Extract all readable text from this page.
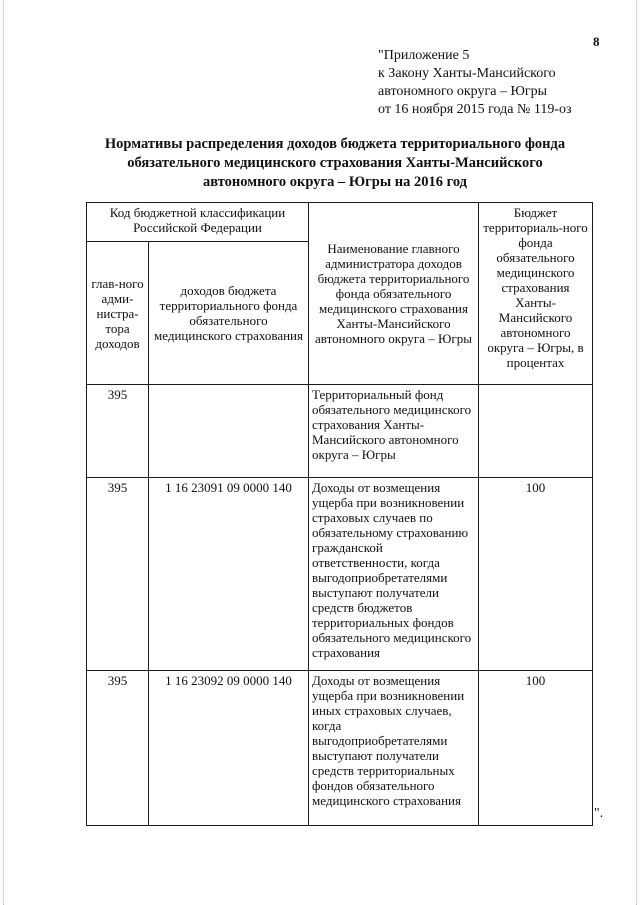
8
"Приложение 5
к Закону Ханты-Мансийского
автономного округа – Югры
от 16 ноября 2015 года № 119-оз
Нормативы распределения доходов бюджета территориального фонда
обязательного медицинского страхования Ханты-Мансийского
автономного округа – Югры на 2016 год
Код бюджетной классификации Российской Федерации		Наименование главного администратора доходов бюджета территориального фонда обязательного медицинского страхования Ханты-Мансийского автономного округа – Югры	Бюджет территориаль-ного фонда обязательного медицинского страхования Ханты-Мансийского автономного округа – Югры, в процентах
глав-ного адми-нистра-тора доходов	доходов бюджета территориального фонда обязательного медицинского страхования		
395		Территориальный фонд обязательного медицинского страхования Ханты-Мансийского автономного округа – Югры	
395	1 16 23091 09 0000 140	Доходы от возмещения ущерба при возникновении страховых случаев по обязательному страхованию гражданской ответственности, когда выгодоприобретателями выступают получатели средств бюджетов территориальных фондов обязательного медицинского страхования	100
395	1 16 23092 09 0000 140	Доходы от возмещения ущерба при возникновении иных страховых случаев, когда выгодоприобретателями выступают получатели средств территориальных фондов обязательного медицинского страхования	100
".
